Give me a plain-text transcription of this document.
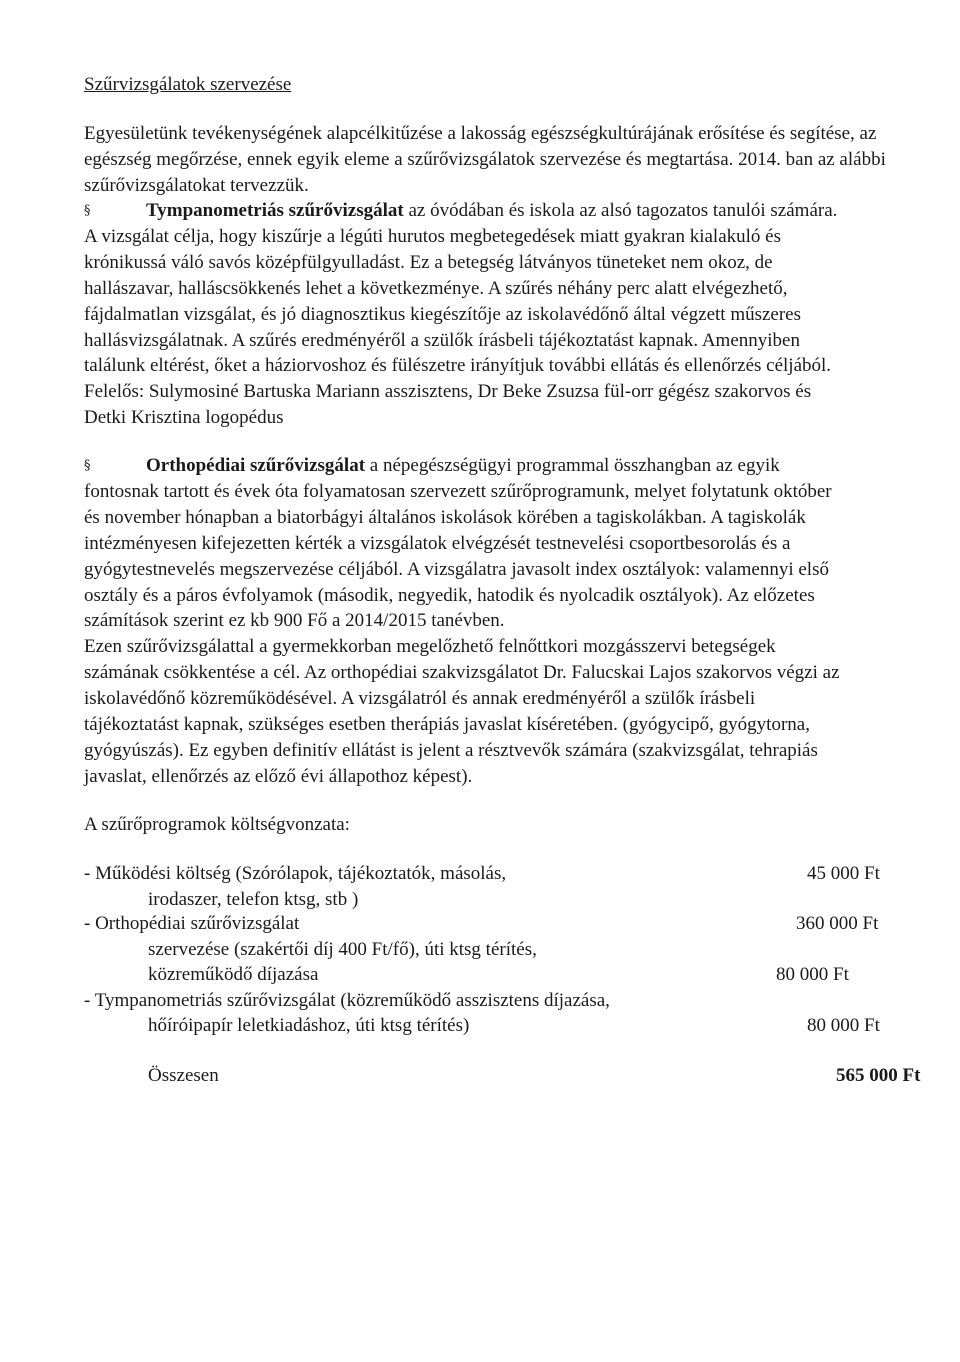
Szűrvizsgálatok szervezése
Egyesületünk tevékenységének alapcélkitűzése a lakosság egészségkultúrájának erősítése és segítése, az egészség megőrzése, ennek egyik eleme a szűrővizsgálatok szervezése és megtartása. 2014. ban az alábbi szűrővizsgálatokat tervezzük.
§	Tympanometriás szűrővizsgálat az óvódában és iskola az alsó tagozatos tanulói számára.
A vizsgálat célja, hogy kiszűrje a légúti hurutos megbetegedések miatt gyakran kialakuló és
krónikussá váló savós középfülgyulladást. Ez a betegség látványos tüneteket nem okoz, de
hallászavar, halláscsökkenés lehet a következménye. A szűrés néhány perc alatt elvégezhető,
fájdalmatlan vizsgálat, és jó diagnosztikus kiegészítője az iskolavédőnő által végzett műszeres
hallásvizsgálatnak. A szűrés eredményéről a szülők írásbeli tájékoztatást kapnak. Amennyiben
találunk eltérést, őket a háziorvoshoz és fülészetre irányítjuk további ellátás és ellenőrzés céljából.
Felelős: Sulymosiné Bartuska Mariann asszisztens, Dr Beke Zsuzsa fül-orr gégész szakorvos és
Detki Krisztina logopédus
§	Orthopédiai szűrővizsgálat a népegészségügyi programmal összhangban az egyik
fontosnak tartott és évek óta folyamatosan szervezett szűrőprogramunk, melyet folytatunk október
és november hónapban a biatorbágyi általános iskolások körében a tagiskolákban. A tagiskolák
intézményesen kifejezetten kérték a vizsgálatok elvégzését testnevelési csoportbesorolás és a
gyógytestnevelés megszervezése céljából. A vizsgálatra javasolt index osztályok: valamennyi első
osztály és a páros évfolyamok (második, negyedik, hatodik és nyolcadik osztályok). Az előzetes
számítások szerint ez kb 900 Fő a 2014/2015 tanévben.
Ezen szűrővizsgálattal a gyermekkorban megelőzhető felnőttkori mozgásszervi betegségek
számának csökkentése a cél. Az orthopédiai szakvizsgálatot Dr. Falucskai Lajos szakorvos végzi az
iskolavédőnő közreműködésével. A vizsgálatról és annak eredményéről a szülők írásbeli
tájékoztatást kapnak, szükséges esetben therápiás javaslat kíséretében. (gyógycipő, gyógytorna,
gyógyúszás). Ez egyben definitív ellátást is jelent a résztvevők számára (szakvizsgálat, tehrapiás
javaslat, ellenőrzés az előző évi állapothoz képest).
A szűrőprogramok költségvonzata:
- Működési költség (Szórólapok, tájékoztatók, másolás,	45 000 Ft
irodaszer, telefon ktsg, stb )
- Orthopédiai szűrővizsgálat	360 000 Ft
szervezése (szakértői díj 400 Ft/fő), úti ktsg térítés,
közreműködő díjazása	80 000 Ft
- Tympanometriás szűrővizsgálat (közreműködő asszisztens díjazása,
hőíróipapír leletkiadáshoz, úti ktsg térítés)	80 000 Ft
Összesen	565 000 Ft
